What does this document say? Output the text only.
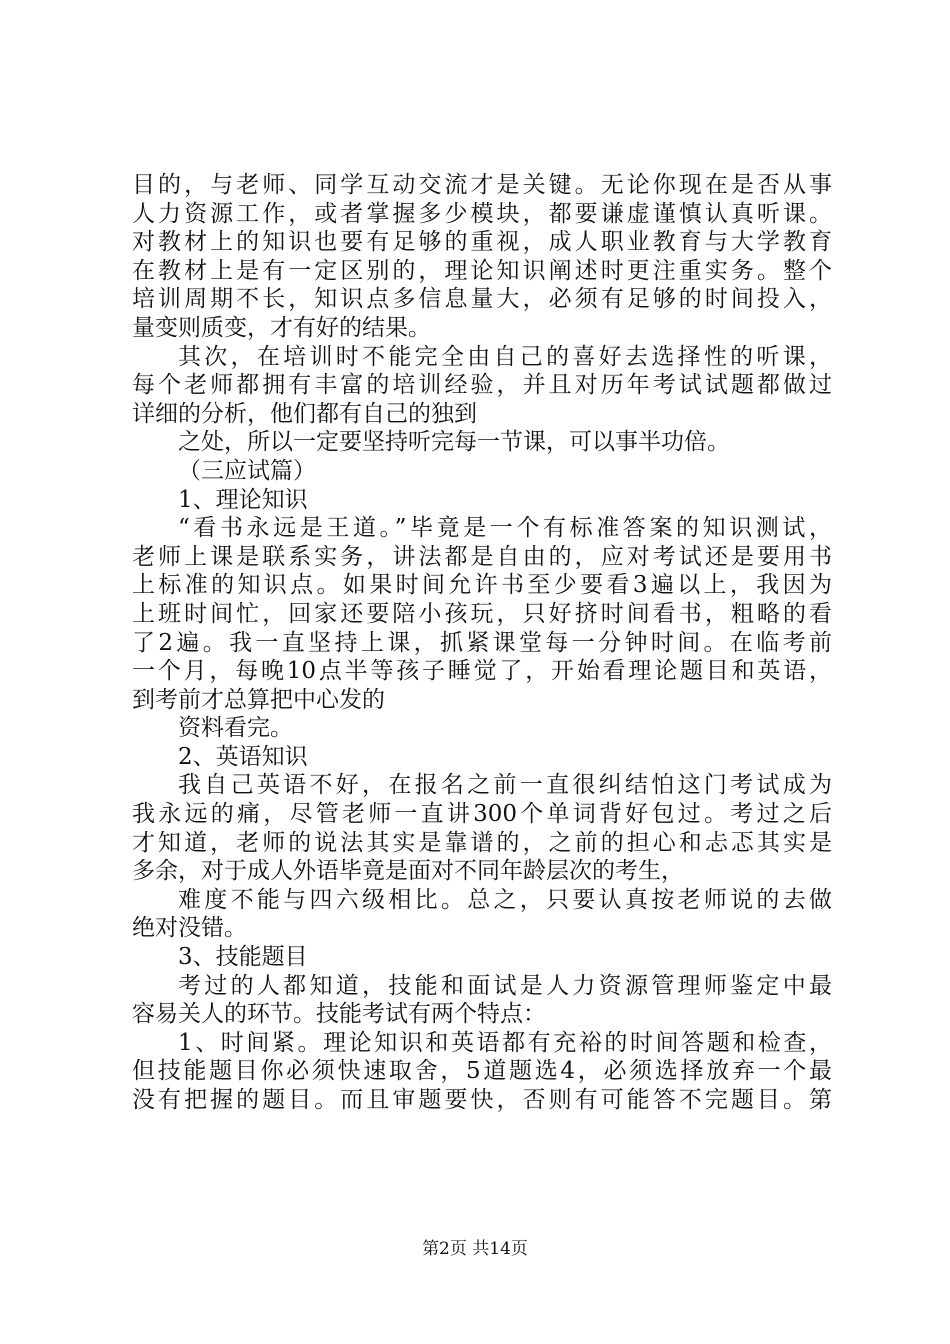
目的，与老师、同学互动交流才是关键。无论你现在是否从事
人力资源工作，或者掌握多少模块，都要谦虚谨慎认真听课。
对教材上的知识也要有足够的重视，成人职业教育与大学教育
在教材上是有一定区别的，理论知识阐述时更注重实务。整个
培训周期不长，知识点多信息量大，必须有足够的时间投入，
量变则质变，才有好的结果。
其次，在培训时不能完全由自己的喜好去选择性的听课，
每个老师都拥有丰富的培训经验，并且对历年考试试题都做过
详细的分析，他们都有自己的独到
之处，所以一定要坚持听完每一节课，可以事半功倍。
（三应试篇）
1、理论知识
“看书永远是王道。”毕竟是一个有标准答案的知识测试，
老师上课是联系实务，讲法都是自由的，应对考试还是要用书
上标准的知识点。如果时间允许书至少要看3遍以上，我因为
上班时间忙，回家还要陪小孩玩，只好挤时间看书，粗略的看
了2遍。我一直坚持上课，抓紧课堂每一分钟时间。在临考前
一个月，每晚10点半等孩子睡觉了，开始看理论题目和英语，
到考前才总算把中心发的
资料看完。
2、英语知识
我自己英语不好，在报名之前一直很纠结怕这门考试成为
我永远的痛，尽管老师一直讲300个单词背好包过。考过之后
才知道，老师的说法其实是靠谱的，之前的担心和忐忑其实是
多余，对于成人外语毕竟是面对不同年龄层次的考生，
难度不能与四六级相比。总之，只要认真按老师说的去做
绝对没错。
3、技能题目
考过的人都知道，技能和面试是人力资源管理师鉴定中最
容易关人的环节。技能考试有两个特点：
1、时间紧。理论知识和英语都有充裕的时间答题和检查，
但技能题目你必须快速取舍，5道题选4，必须选择放弃一个最
没有把握的题目。而且审题要快，否则有可能答不完题目。第
第2页 共14页
